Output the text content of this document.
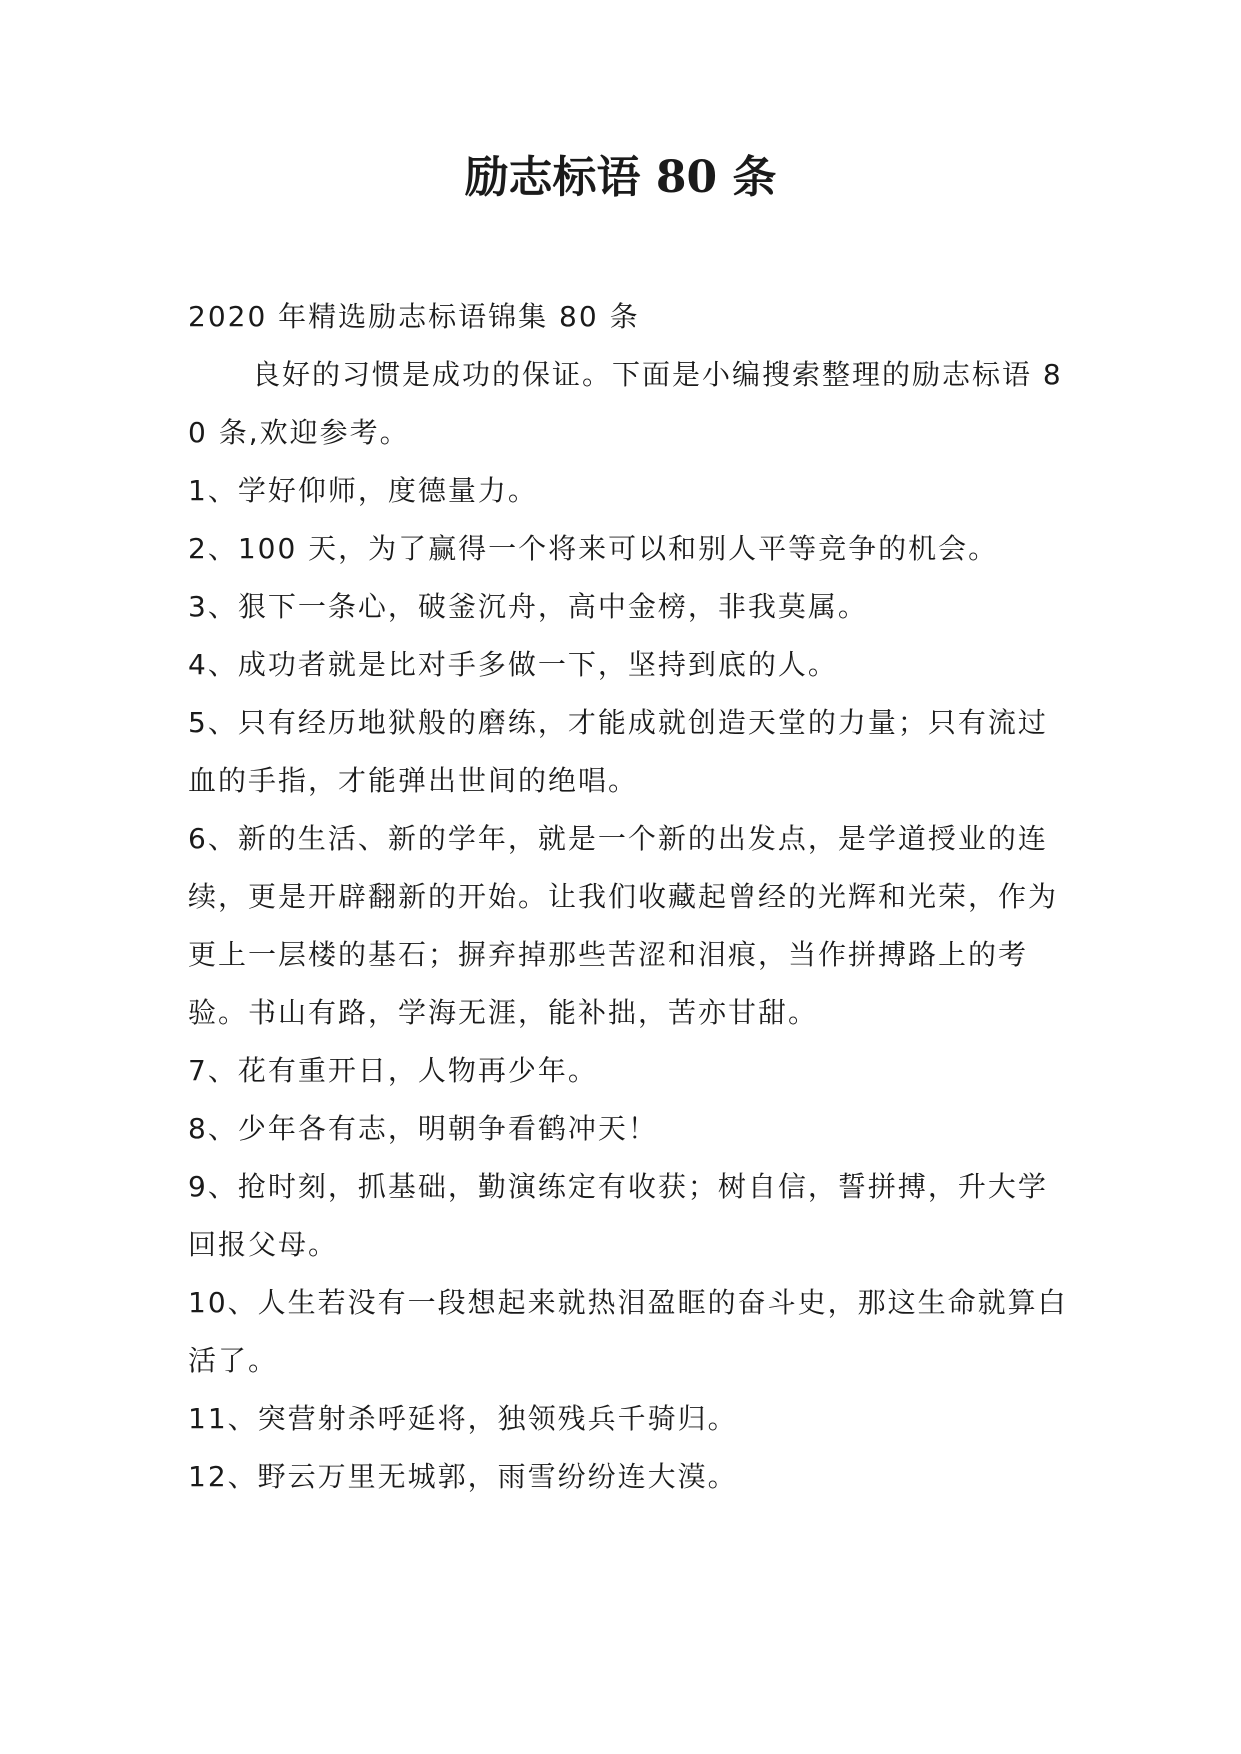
励志标语 80 条

2020 年精选励志标语锦集 80 条

良好的习惯是成功的保证。下面是小编搜索整理的励志标语 80 条,欢迎参考。

1、学好仰师，度德量力。

2、100 天，为了赢得一个将来可以和别人平等竞争的机会。

3、狠下一条心，破釜沉舟，高中金榜，非我莫属。

4、成功者就是比对手多做一下，坚持到底的人。

5、只有经历地狱般的磨练，才能成就创造天堂的力量；只有流过血的手指，才能弹出世间的绝唱。

6、新的生活、新的学年，就是一个新的出发点，是学道授业的连续，更是开辟翻新的开始。让我们收藏起曾经的光辉和光荣，作为更上一层楼的基石；摒弃掉那些苦涩和泪痕，当作拼搏路上的考验。书山有路，学海无涯，能补拙，苦亦甘甜。

7、花有重开日，人物再少年。

8、少年各有志，明朝争看鹤冲天！

9、抢时刻，抓基础，勤演练定有收获；树自信，誓拼搏，升大学回报父母。

10、人生若没有一段想起来就热泪盈眶的奋斗史，那这生命就算白活了。

11、突营射杀呼延将，独领残兵千骑归。

12、野云万里无城郭，雨雪纷纷连大漠。
